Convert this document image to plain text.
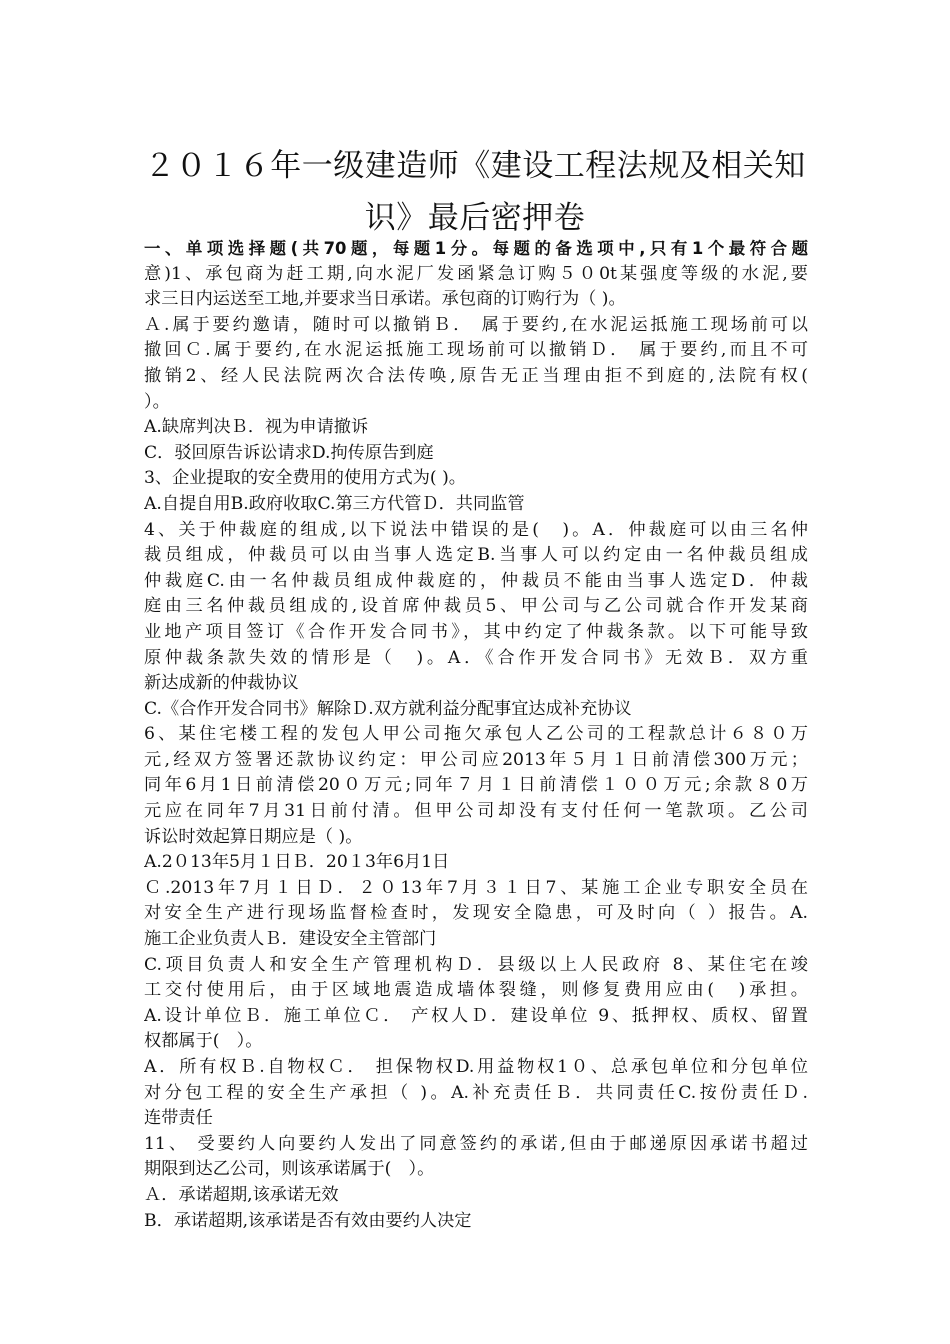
２０１６年一级建造师《建设工程法规及相关知
识》最后密押卷
一、单项选择题(共70题，每题1分。每题的备选项中,只有1个最符合题
意)1、承包商为赶工期,向水泥厂发函紧急订购５０0t某强度等级的水泥,要
求三日内运送至工地,并要求当日承诺。承包商的订购行为（ )。
Ａ.属于要约邀请，随时可以撤销Ｂ． 属于要约,在水泥运抵施工现场前可以
撤回Ｃ.属于要约,在水泥运抵施工现场前可以撤销Ｄ． 属于要约,而且不可
撤销2、经人民法院两次合法传唤,原告无正当理由拒不到庭的,法院有权(
）。
A.缺席判决Ｂ．视为申请撤诉
C．驳回原告诉讼请求D.拘传原告到庭
3、企业提取的安全费用的使用方式为( )。
A.自提自用B.政府收取C.第三方代管Ｄ．共同监管
4、关于仲裁庭的组成,以下说法中错误的是(　)。A．仲裁庭可以由三名仲
裁员组成，仲裁员可以由当事人选定B.当事人可以约定由一名仲裁员组成
仲裁庭C.由一名仲裁员组成仲裁庭的，仲裁员不能由当事人选定D．仲裁
庭由三名仲裁员组成的,设首席仲裁员5、甲公司与乙公司就合作开发某商
业地产项目签订《合作开发合同书》，其中约定了仲裁条款。以下可能导致
原仲裁条款失效的情形是（　)。A．《合作开发合同书》无效Ｂ．双方重
新达成新的仲裁协议
C.《合作开发合同书》解除Ｄ.双方就利益分配事宜达成补充协议
6、某住宅楼工程的发包人甲公司拖欠承包人乙公司的工程款总计６８０万
元,经双方签署还款协议约定：甲公司应2013年５月１日前清偿300万元；
同年6月1日前清偿20０万元;同年７月１日前清偿１００万元;余款８0万
元应在同年7月31日前付清。但甲公司却没有支付任何一笔款项。乙公司
诉讼时效起算日期应是（ )。
A.2０13年5月１日Ｂ．20１3年6月1日
Ｃ.2013年7月１日Ｄ．２０13年7月３１日7、某施工企业专职安全员在
对安全生产进行现场监督检查时，发现安全隐患，可及时向（ ）报告。A.
施工企业负责人Ｂ．建设安全主管部门
C.项目负责人和安全生产管理机构Ｄ．县级以上人民政府 8、某住宅在竣
工交付使用后，由于区域地震造成墙体裂缝，则修复费用应由(　)承担。
A.设计单位Ｂ．施工单位Ｃ． 产权人Ｄ．建设单位 9、抵押权、质权、留置
权都属于(　）。
A．所有权Ｂ.自物权Ｃ． 担保物权D.用益物权1０、总承包单位和分包单位
对分包工程的安全生产承担（ )。A.补充责任Ｂ．共同责任C.按份责任Ｄ.
连带责任
11、 受要约人向要约人发出了同意签约的承诺,但由于邮递原因承诺书超过
期限到达乙公司，则该承诺属于(　）。
Ａ．承诺超期,该承诺无效
B．承诺超期,该承诺是否有效由要约人决定
